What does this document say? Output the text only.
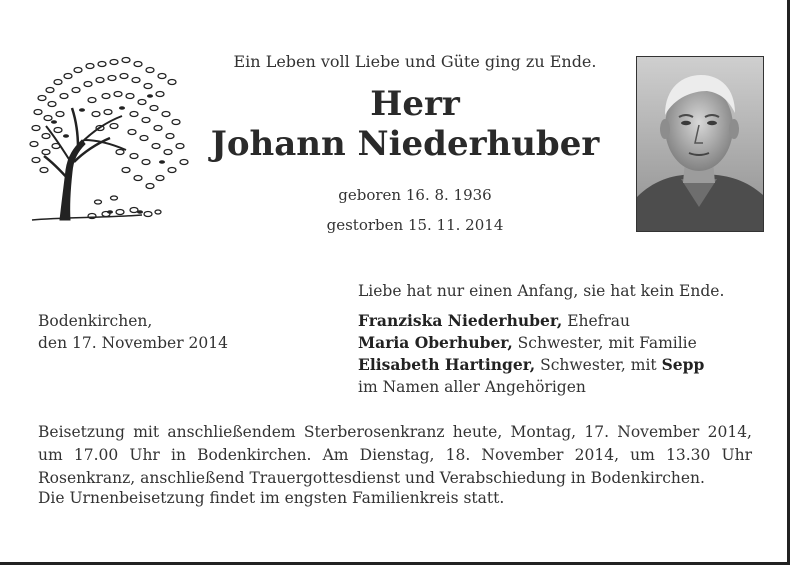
Ein Leben voll Liebe und Güte ging zu Ende.
Herr
Johann Niederhuber
geboren 16. 8. 1936
gestorben 15. 11. 2014
Liebe hat nur einen Anfang, sie hat kein Ende.
Bodenkirchen,
den 17. November 2014
Franziska Niederhuber, Ehefrau
Maria Oberhuber, Schwester, mit Familie
Elisabeth Hartinger, Schwester, mit Sepp
im Namen aller Angehörigen
Beisetzung mit anschließendem Sterberosenkranz heute, Montag, 17. November 2014, um 17.00 Uhr in Bodenkirchen. Am Dienstag, 18. November 2014, um 13.30 Uhr Rosenkranz, anschließend Trauergottesdienst und Verabschiedung in Bodenkirchen.
Die Urnenbeisetzung findet im engsten Familienkreis statt.
